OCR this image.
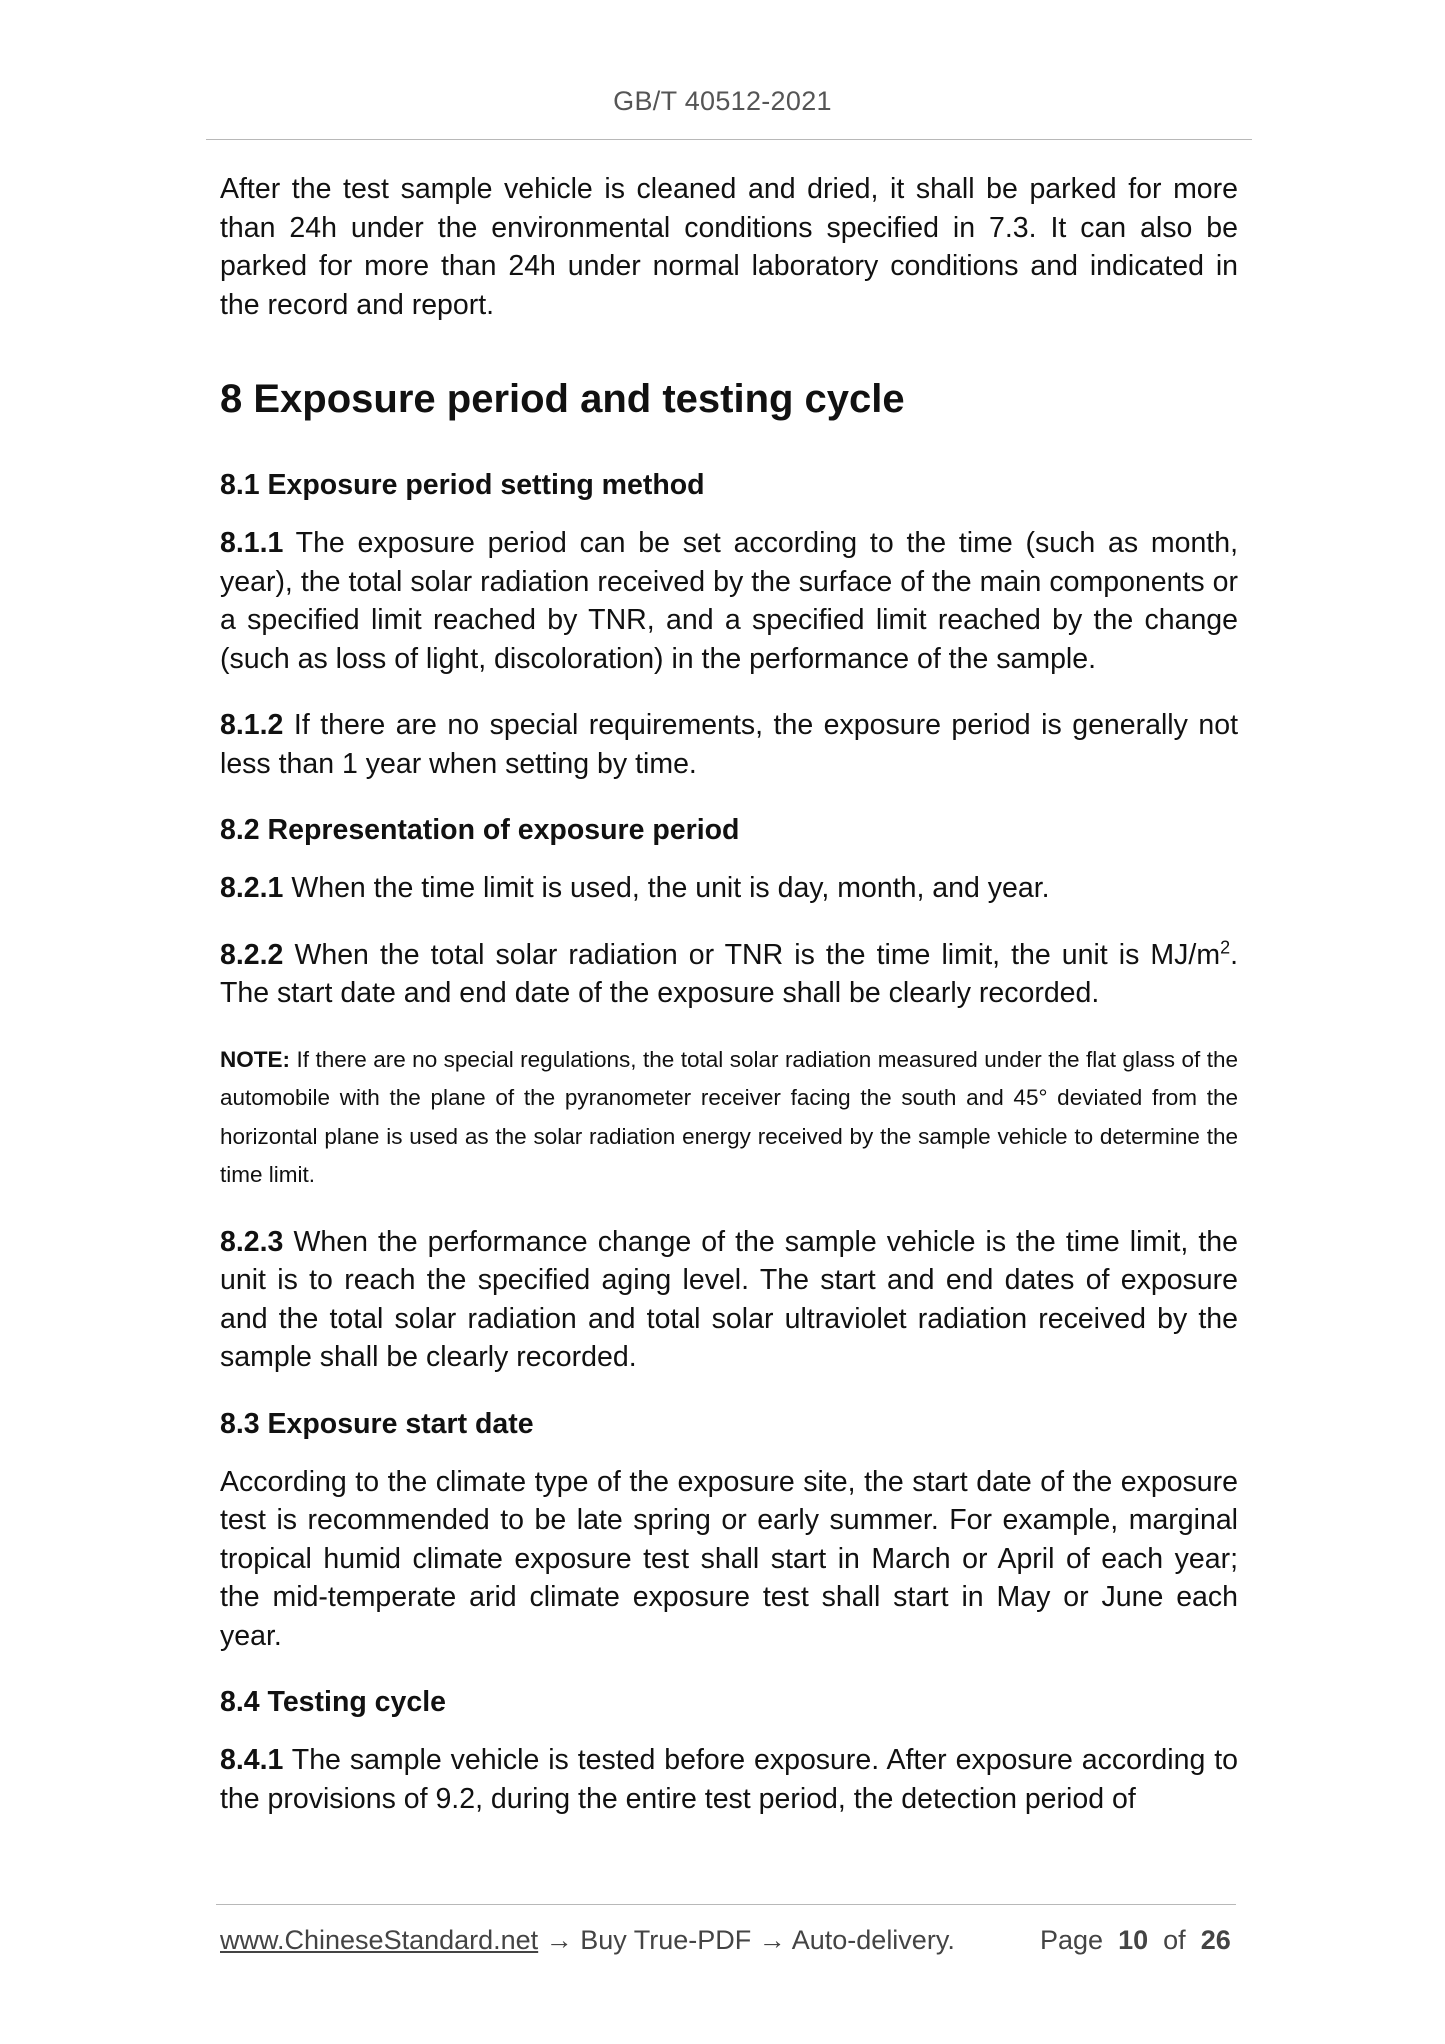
GB/T 40512-2021

After the test sample vehicle is cleaned and dried, it shall be parked for more than 24h under the environmental conditions specified in 7.3. It can also be parked for more than 24h under normal laboratory conditions and indicated in the record and report.

8 Exposure period and testing cycle
8.1 Exposure period setting method

8.1.1 The exposure period can be set according to the time (such as month, year), the total solar radiation received by the surface of the main components or a specified limit reached by TNR, and a specified limit reached by the change (such as loss of light, discoloration) in the performance of the sample.

8.1.2 If there are no special requirements, the exposure period is generally not less than 1 year when setting by time.

8.2 Representation of exposure period

8.2.1 When the time limit is used, the unit is day, month, and year.

8.2.2 When the total solar radiation or TNR is the time limit, the unit is $MJ/m^2$. The start date and end date of the exposure shall be clearly recorded.

NOTE: If there are no special regulations, the total solar radiation measured under the flat glass of the automobile with the plane of the pyranometer receiver facing the south and 45° deviated from the horizontal plane is used as the solar radiation energy received by the sample vehicle to determine the time limit.

8.2.3 When the performance change of the sample vehicle is the time limit, the unit is to reach the specified aging level. The start and end dates of exposure and the total solar radiation and total solar ultraviolet radiation received by the sample shall be clearly recorded.

8.3 Exposure start date

According to the climate type of the exposure site, the start date of the exposure test is recommended to be late spring or early summer. For example, marginal tropical humid climate exposure test shall start in March or April of each year; the mid-temperate arid climate exposure test shall start in May or June each year.

8.4 Testing cycle

8.4.1 The sample vehicle is tested before exposure. After exposure according to the provisions of 9.2, during the entire test period, the detection period of

www.ChineseStandard.net → Buy True-PDF → Auto-delivery.	Page 10 of 26
